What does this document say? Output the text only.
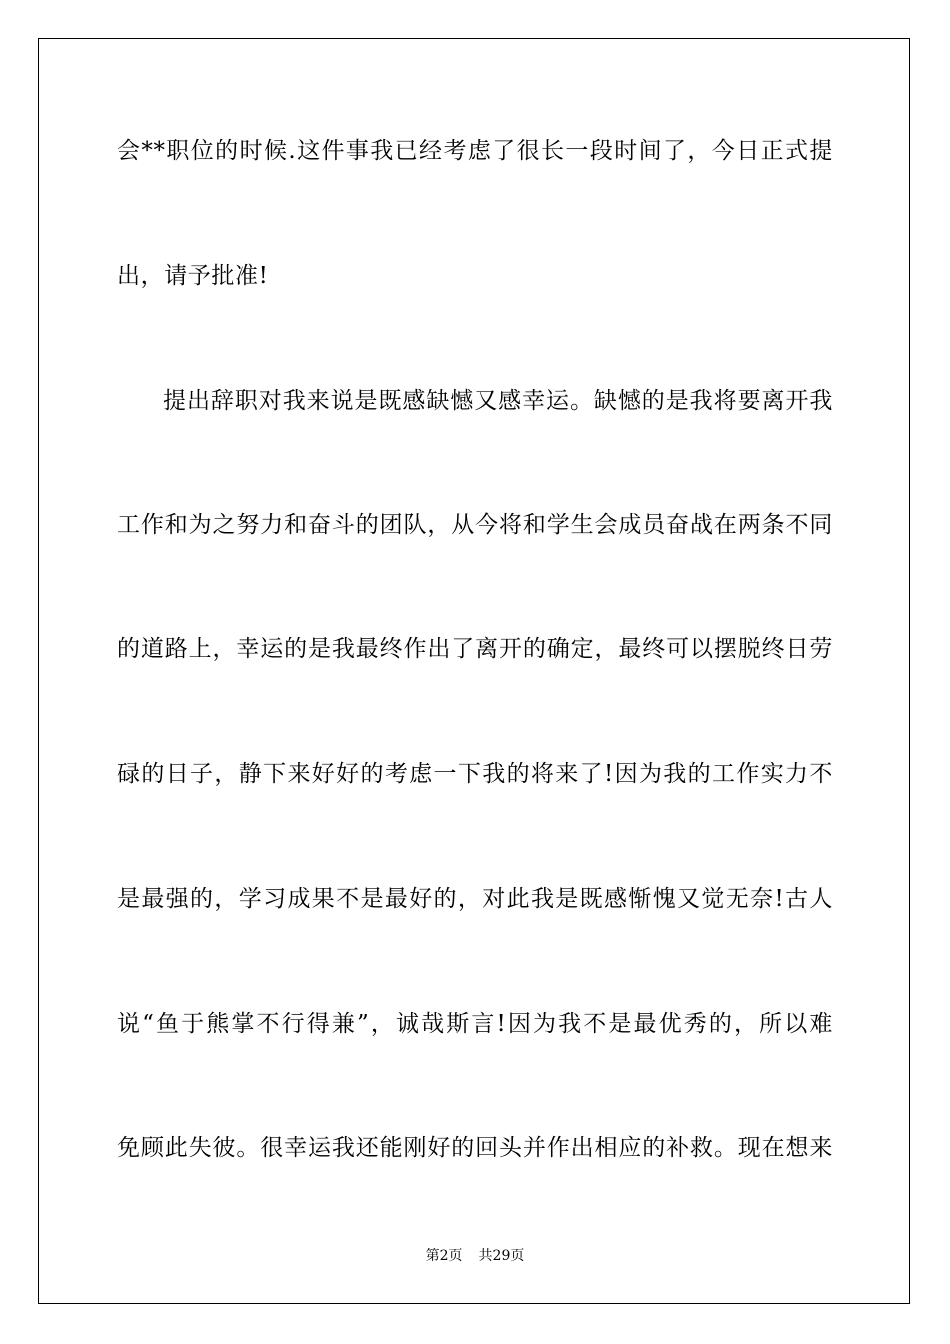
会**职位的时候.这件事我已经考虑了很长一段时间了，今日正式提
出，请予批准!
提出辞职对我来说是既感缺憾又感幸运。缺憾的是我将要离开我
工作和为之努力和奋斗的团队，从今将和学生会成员奋战在两条不同
的道路上，幸运的是我最终作出了离开的确定，最终可以摆脱终日劳
碌的日子，静下来好好的考虑一下我的将来了!因为我的工作实力不
是最强的，学习成果不是最好的，对此我是既感惭愧又觉无奈!古人
说“鱼于熊掌不行得兼”，诚哉斯言!因为我不是最优秀的，所以难
免顾此失彼。很幸运我还能刚好的回头并作出相应的补救。现在想来
第2页 共29页
